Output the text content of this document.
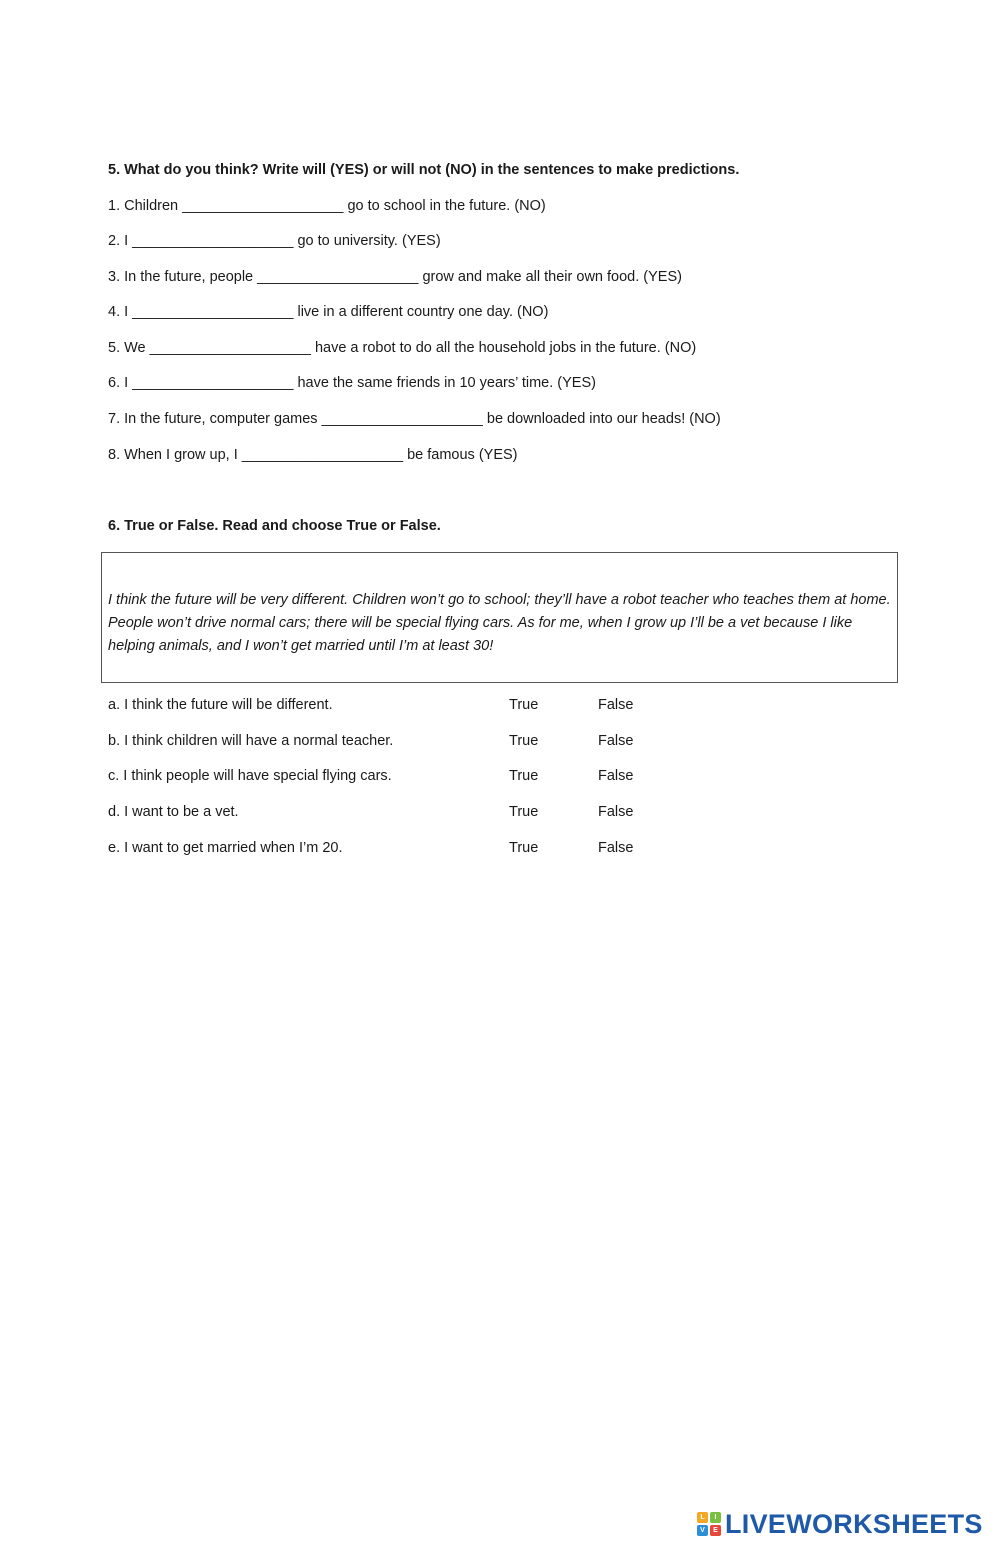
5. What do you think? Write will (YES) or will not (NO) in the sentences to make predictions.
1. Children ____________________ go to school in the future. (NO)
2. I ____________________ go to university. (YES)
3. In the future, people ____________________ grow and make all their own food. (YES)
4. I ____________________ live in a different country one day. (NO)
5. We ____________________ have a robot to do all the household jobs in the future. (NO)
6. I ____________________ have the same friends in 10 years’ time. (YES)
7. In the future, computer games ____________________ be downloaded into our heads! (NO)
8. When I grow up, I ____________________ be famous (YES)
6. True or False. Read and choose True or False.
I think the future will be very different. Children won’t go to school; they’ll have a robot teacher who teaches them at home. People won’t drive normal cars; there will be special flying cars. As for me, when I grow up I’ll be a vet because I like helping animals, and I won’t get married until I’m at least 30!
a. I think the future will be different.	True	False
b. I think children will have a normal teacher.	True	False
c. I think people will have special flying cars.	True	False
d. I want to be a vet.	True	False
e. I want to get married when I’m 20.	True	False
L	I
V	E LIVEWORKSHEETS
